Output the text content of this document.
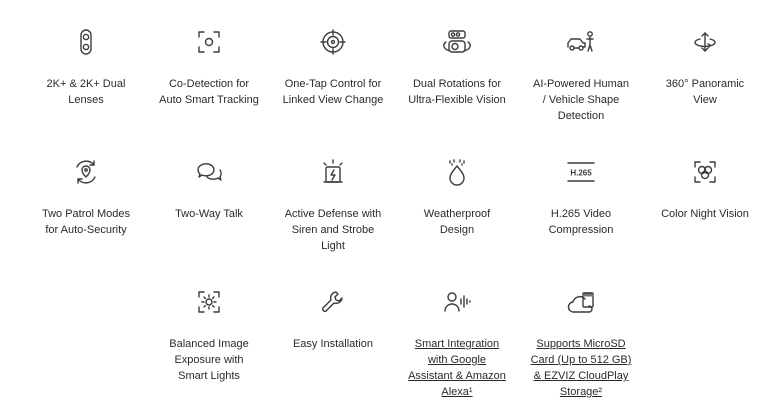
2K+ & 2K+ Dual
Lenses
Co-Detection for
Auto Smart Tracking
One-Tap Control for
Linked View Change
Dual Rotations for
Ultra-Flexible Vision
AI-Powered Human
/ Vehicle Shape
Detection
360° Panoramic
View
Two Patrol Modes
for Auto-Security
Two-Way Talk	Active Defense with
Siren and Strobe
Light
Weatherproof
Design
H.265
H.265 Video
Compression
Color Night Vision
Balanced Image
Exposure with
Smart Lights
Easy Installation	Smart Integration
with Google
Assistant & Amazon
Alexa¹
Supports MicroSD
Card (Up to 512 GB)
& EZVIZ CloudPlay
Storage²
